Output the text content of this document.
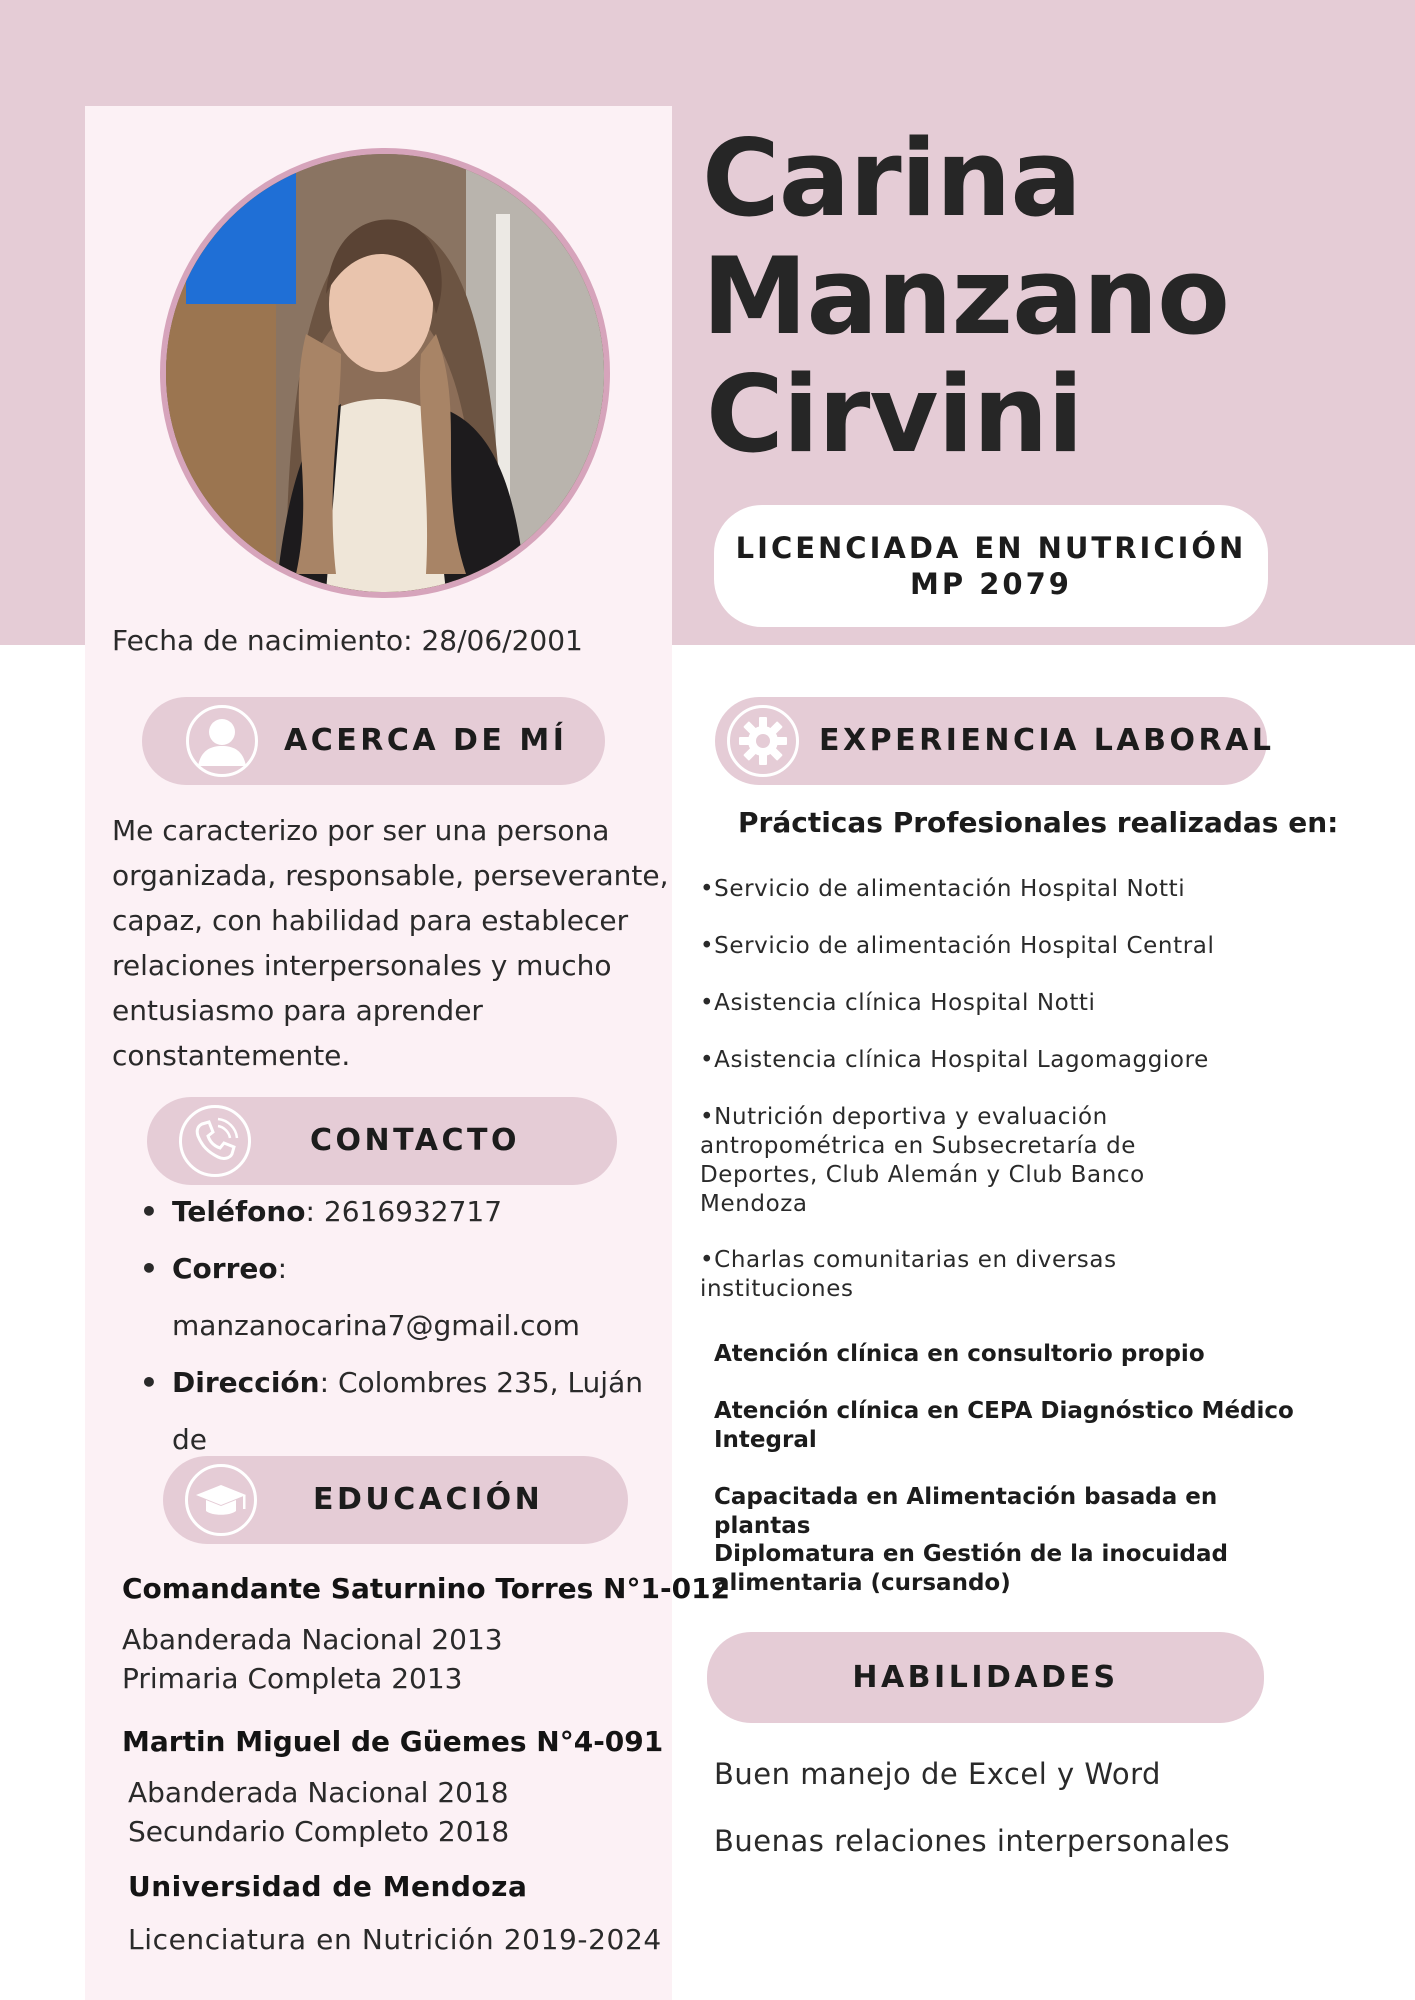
Carina
Manzano
Cirvini
LICENCIADA EN NUTRICIÓN
MP 2079
Fecha de nacimiento: 28/06/2001
ACERCA DE MÍ
Me caracterizo por ser una persona organizada, responsable, perseverante, capaz, con habilidad para establecer relaciones interpersonales y mucho entusiasmo para aprender constantemente.
CONTACTO
• Teléfono: 2616932717
• Correo:
manzanocarina7@gmail.com
• Dirección: Colombres 235, Luján de

EDUCACIÓN
Comandante Saturnino Torres N°1-012
Abanderada Nacional 2013
Primaria Completa 2013
Martin Miguel de Güemes N°4-091
Abanderada Nacional 2018
Secundario Completo 2018
Universidad de Mendoza
Licenciatura en Nutrición 2019-2024
EXPERIENCIA LABORAL
Prácticas Profesionales realizadas en:
•Servicio de alimentación Hospital Notti
•Servicio de alimentación Hospital Central
•Asistencia clínica Hospital Notti
•Asistencia clínica Hospital Lagomaggiore
•Nutrición deportiva y evaluación antropométrica en Subsecretaría de Deportes, Club Alemán y Club Banco Mendoza
•Charlas comunitarias en diversas instituciones
Atención clínica en consultorio propio
Atención clínica en CEPA Diagnóstico Médico Integral
Capacitada en Alimentación basada en plantas
Diplomatura en Gestión de la inocuidad alimentaria (cursando)
HABILIDADES
Buen manejo de Excel y Word
Buenas relaciones interpersonales
